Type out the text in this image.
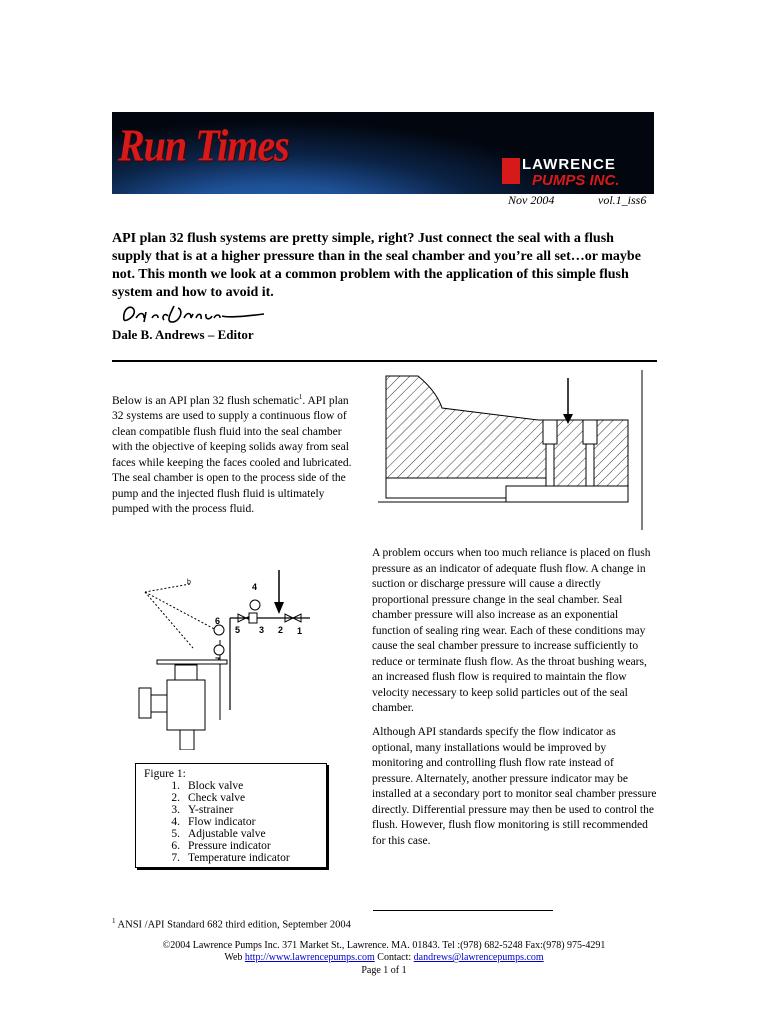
Run Times	LAWRENCE
PUMPS INC.
Nov 2004	vol.1_iss6
API plan 32 flush systems are pretty simple, right? Just connect the seal with a flush supply that is at a higher pressure than in the seal chamber and you’re all set…or maybe not. This month we look at a common problem with the application of this simple flush system and how to avoid it.
Dale B. Andrews – Editor
Below is an API plan 32 flush schematic$^1$. API plan 32 systems are used to supply a continuous flow of clean compatible flush fluid into the seal chamber with the objective of keeping solids away from seal faces while keeping the faces cooled and lubricated. The seal chamber is open to the process side of the pump and the injected flush fluid is ultimately pumped with the process fluid.
A problem occurs when too much reliance is placed on flush pressure as an indicator of adequate flush flow. A change in suction or discharge pressure will cause a directly proportional pressure change in the seal chamber. Seal chamber pressure will also increase as an exponential function of sealing ring wear. Each of these conditions may cause the seal chamber pressure to increase sufficiently to reduce or terminate flush flow. As the throat bushing wears, an increased flush flow is required to maintain the flow velocity necessary to keep solid particles out of the seal chamber.
b	4
6
5 3 2 1
Figure 1:
1. Block valve
2. Check valve
3. Y-strainer
4. Flow indicator
5. Adjustable valve
6. Pressure indicator
7. Temperature indicator
Although API standards specify the flow indicator as optional, many installations would be improved by monitoring and controlling flush flow rate instead of pressure. Alternately, another pressure indicator may be installed at a secondary port to monitor seal chamber pressure directly. Differential pressure may then be used to control the flush. However, flush flow monitoring is still recommended for this case.
$^1$ ANSI /API Standard 682 third edition, September 2004
©2004 Lawrence Pumps Inc. 371 Market St., Lawrence. MA. 01843. Tel :(978) 682-5248 Fax:(978) 975-4291
Web http://www.lawrencepumps.com Contact: dandrews@lawrencepumps.com
Page 1 of 1
